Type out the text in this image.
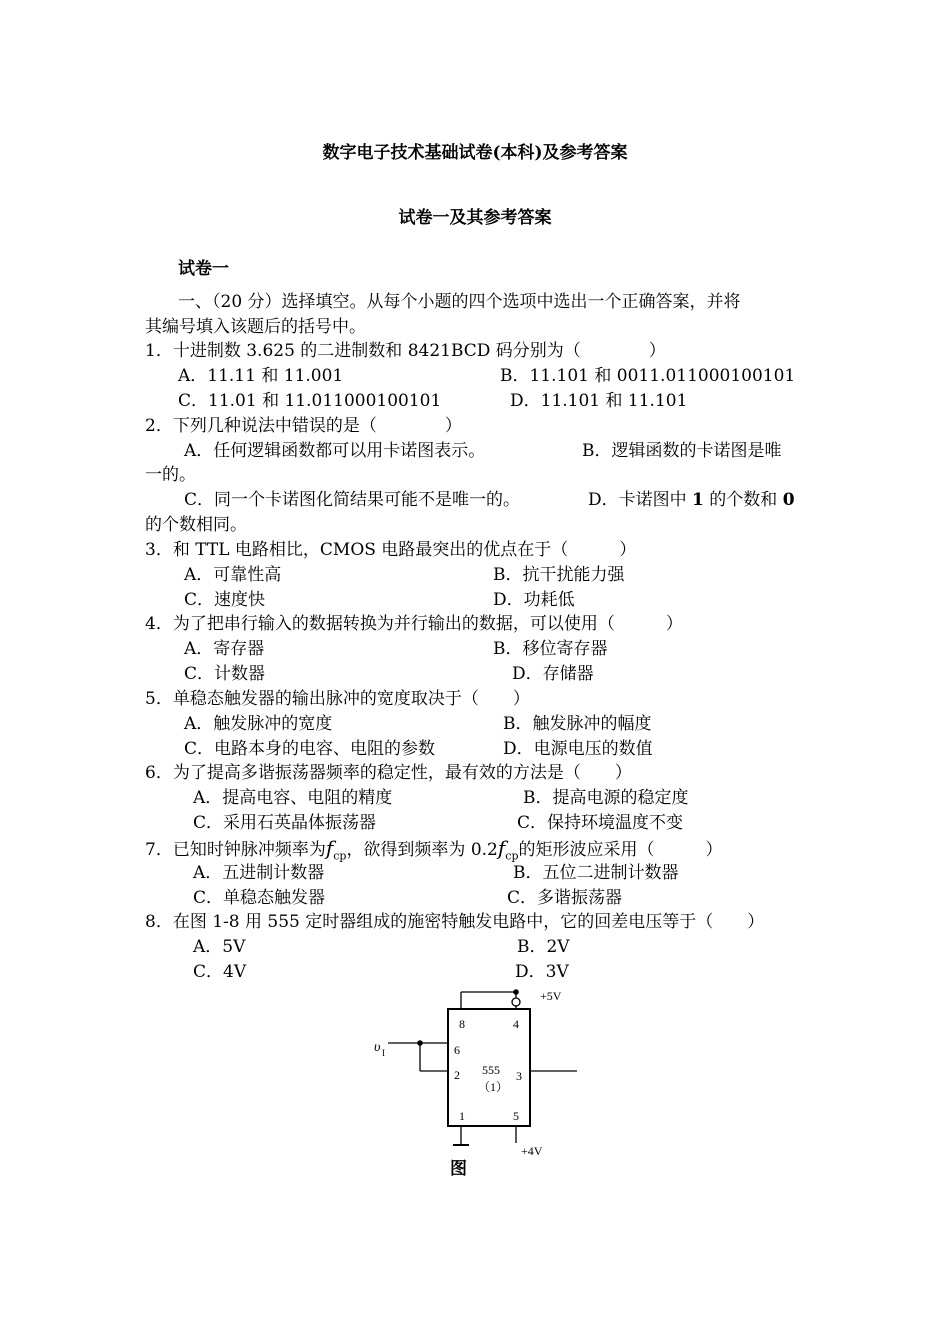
数字电子技术基础试卷(本科)及参考答案
试卷一及其参考答案
试卷一
一、（20 分）选择填空。从每个小题的四个选项中选出一个正确答案，并将
其编号填入该题后的括号中。
1．十进制数 3.625 的二进制数和 8421BCD 码分别为（　　　　）
A．11.11 和 11.001	B．11.101 和 0011.011000100101
C．11.01 和 11.011000100101	D．11.101 和 11.101
2．下列几种说法中错误的是（　　　　）
A．任何逻辑函数都可以用卡诺图表示。	B．逻辑函数的卡诺图是唯
一的。
C．同一个卡诺图化简结果可能不是唯一的。	D．卡诺图中 1 的个数和 0
的个数相同。
3．和 TTL 电路相比，CMOS 电路最突出的优点在于（　　　）
A．可靠性高	B．抗干扰能力强
C．速度快	D．功耗低
4．为了把串行输入的数据转换为并行输出的数据，可以使用（　　　）
A．寄存器	B．移位寄存器
C．计数器	D．存储器
5．单稳态触发器的输出脉冲的宽度取决于（　　）
A．触发脉冲的宽度	B．触发脉冲的幅度
C．电路本身的电容、电阻的参数	D．电源电压的数值
6．为了提高多谐振荡器频率的稳定性，最有效的方法是（　　）
A．提高电容、电阻的精度	B．提高电源的稳定度
C．采用石英晶体振荡器	C．保持环境温度不变
7．已知时钟脉冲频率为$f_{cp}$，欲得到频率为 $0.2f_{cp}$的矩形波应采用（　　　）
A．五进制计数器	B．五位二进制计数器
C．单稳态触发器	C．多谐振荡器
8．在图 1-8 用 555 定时器组成的施密特触发电路中，它的回差电压等于（　　）
A．5V	B．2V
C．4V	D．3V
+5V
8	4
6
2	3
1	5
555
（1）
υ I
+4V
图
